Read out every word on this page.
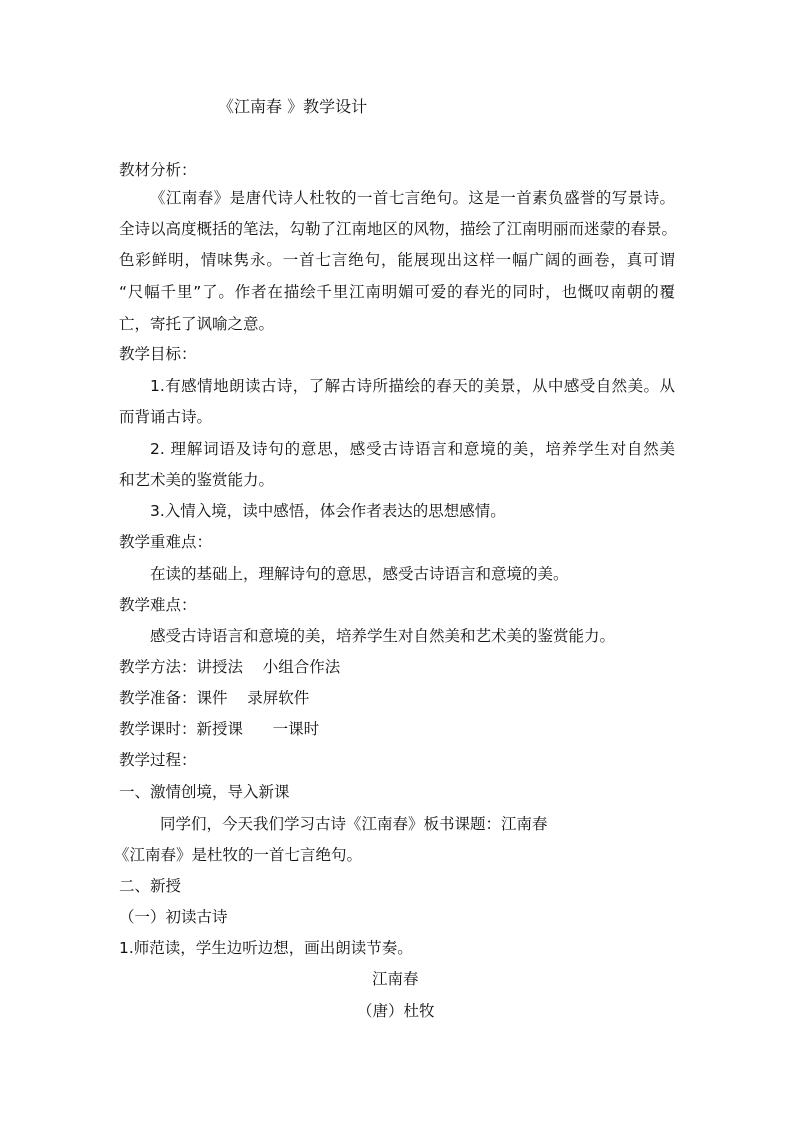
《江南春 》教学设计
教材分析：
《江南春》是唐代诗人杜牧的一首七言绝句。这是一首素负盛誉的写景诗。
全诗以高度概括的笔法，勾勒了江南地区的风物，描绘了江南明丽而迷蒙的春景。
色彩鲜明，情味隽永。一首七言绝句，能展现出这样一幅广阔的画卷，真可谓
“尺幅千里”了。作者在描绘千里江南明媚可爱的春光的同时，也慨叹南朝的覆
亡，寄托了讽喻之意。
教学目标：
1.有感情地朗读古诗，了解古诗所描绘的春天的美景，从中感受自然美。从
而背诵古诗。
2. 理解词语及诗句的意思，感受古诗语言和意境的美，培养学生对自然美
和艺术美的鉴赏能力。
3.入情入境，读中感悟，体会作者表达的思想感情。
教学重难点：
在读的基础上，理解诗句的意思，感受古诗语言和意境的美。
教学难点：
感受古诗语言和意境的美，培养学生对自然美和艺术美的鉴赏能力。
教学方法：讲授法    小组合作法
教学准备：课件    录屏软件
教学课时：新授课      一课时
教学过程：
一、激情创境，导入新课
同学们，今天我们学习古诗《江南春》板书课题：江南春
《江南春》是杜牧的一首七言绝句。
二、新授
（一）初读古诗
1.师范读，学生边听边想，画出朗读节奏。
江南春
（唐）杜牧
